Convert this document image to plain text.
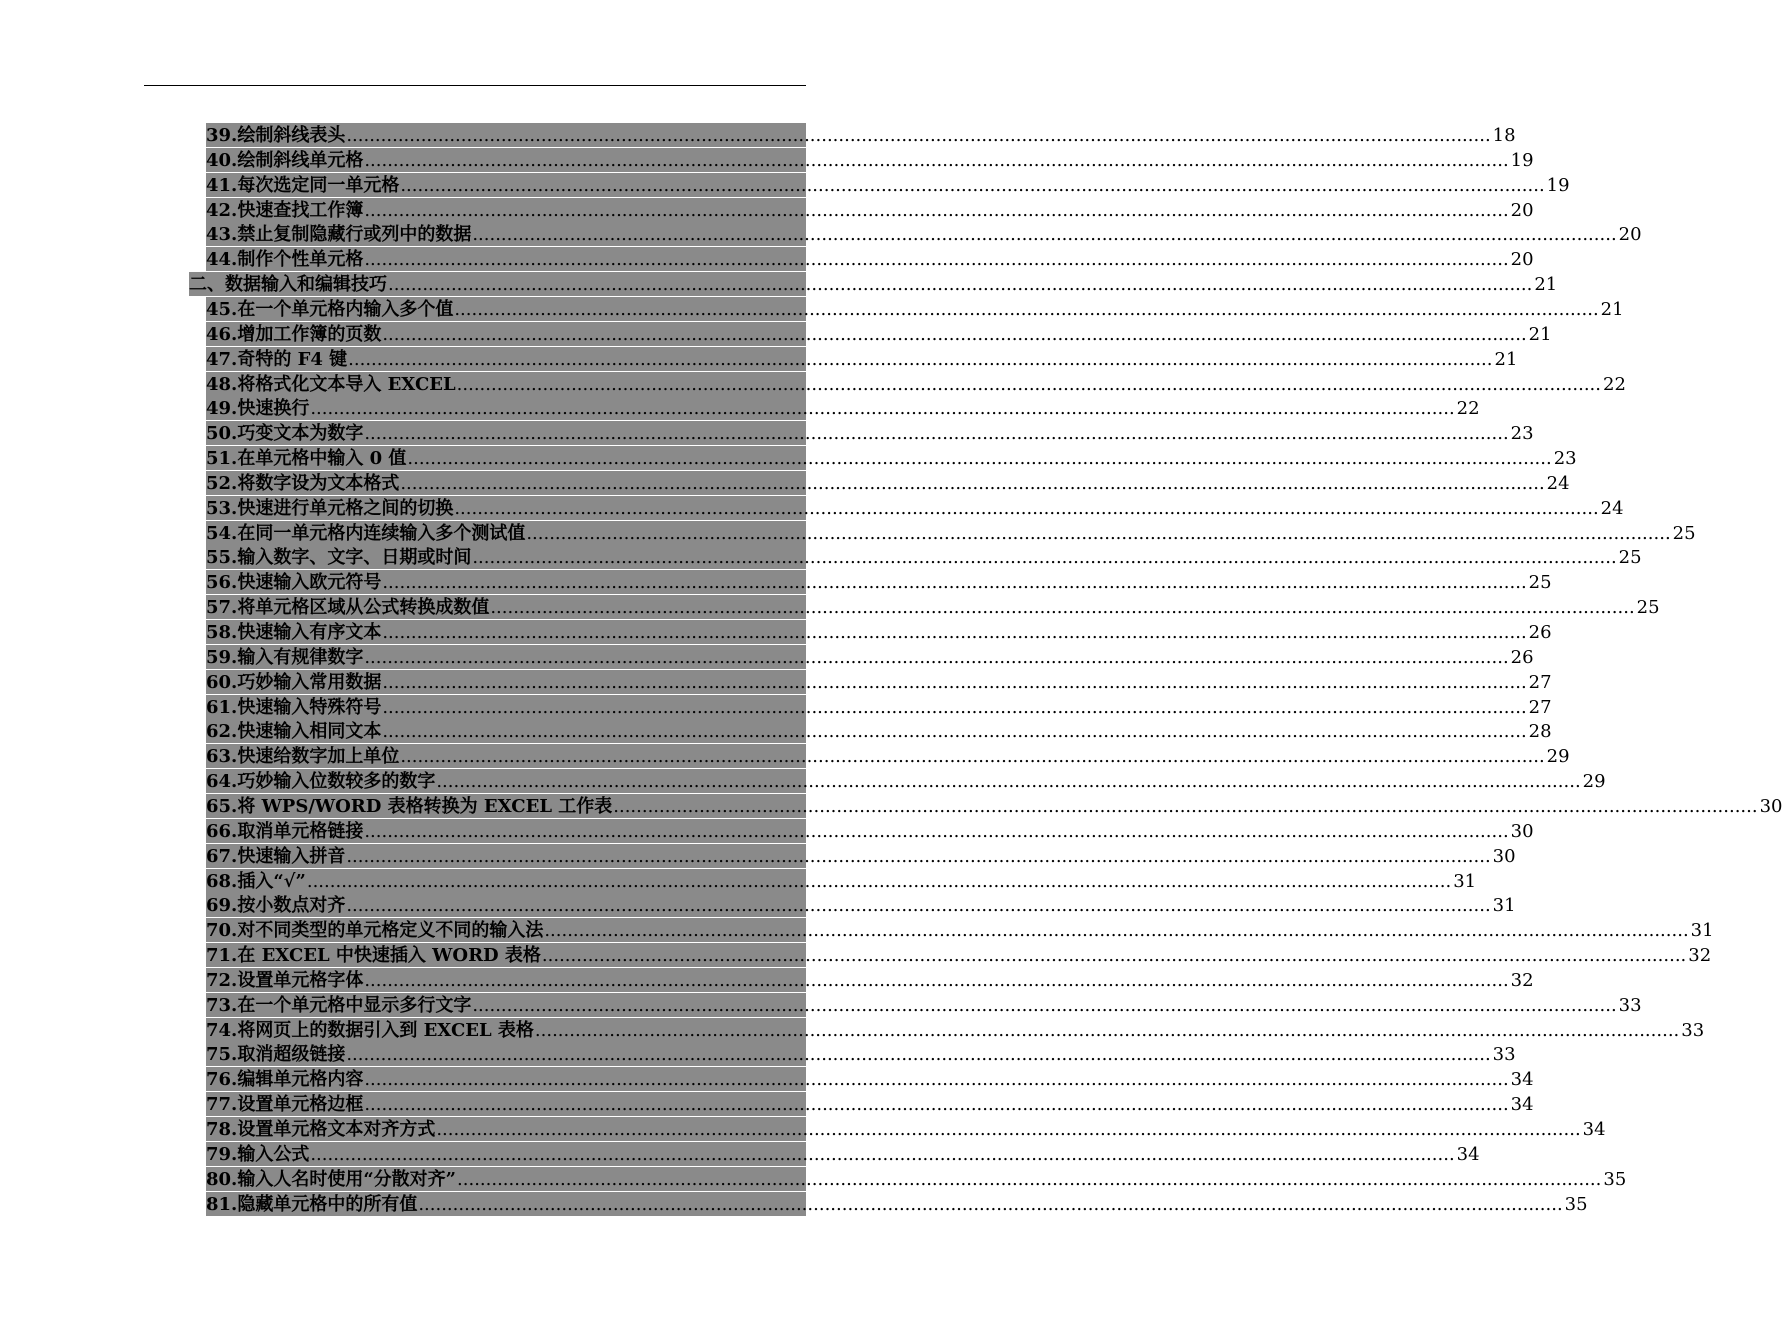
39.绘制斜线表头 ........................................................................................................................................................................................................ 18
40.绘制斜线单元格 ........................................................................................................................................................................................................ 19
41.每次选定同一单元格 ........................................................................................................................................................................................................ 19
42.快速查找工作簿 ........................................................................................................................................................................................................ 20
43.禁止复制隐藏行或列中的数据 ........................................................................................................................................................................................................ 20
44.制作个性单元格 ........................................................................................................................................................................................................ 20
二、数据输入和编辑技巧 ........................................................................................................................................................................................................ 21
45.在一个单元格内输入多个值 ........................................................................................................................................................................................................ 21
46.增加工作簿的页数 ........................................................................................................................................................................................................ 21
47.奇特的 F4 键 ........................................................................................................................................................................................................ 21
48.将格式化文本导入 EXCEL ........................................................................................................................................................................................................ 22
49.快速换行 ........................................................................................................................................................................................................ 22
50.巧变文本为数字 ........................................................................................................................................................................................................ 23
51.在单元格中输入 0 值 ........................................................................................................................................................................................................ 23
52.将数字设为文本格式 ........................................................................................................................................................................................................ 24
53.快速进行单元格之间的切换 ........................................................................................................................................................................................................ 24
54.在同一单元格内连续输入多个测试值 ........................................................................................................................................................................................................ 25
55.输入数字、文字、日期或时间 ........................................................................................................................................................................................................ 25
56.快速输入欧元符号 ........................................................................................................................................................................................................ 25
57.将单元格区域从公式转换成数值 ........................................................................................................................................................................................................ 25
58.快速输入有序文本 ........................................................................................................................................................................................................ 26
59.输入有规律数字 ........................................................................................................................................................................................................ 26
60.巧妙输入常用数据 ........................................................................................................................................................................................................ 27
61.快速输入特殊符号 ........................................................................................................................................................................................................ 27
62.快速输入相同文本 ........................................................................................................................................................................................................ 28
63.快速给数字加上单位 ........................................................................................................................................................................................................ 29
64.巧妙输入位数较多的数字 ........................................................................................................................................................................................................ 29
65.将 WPS/WORD 表格转换为 EXCEL 工作表 ........................................................................................................................................................................................................ 30
66.取消单元格链接 ........................................................................................................................................................................................................ 30
67.快速输入拼音 ........................................................................................................................................................................................................ 30
68.插入“√” ........................................................................................................................................................................................................ 31
69.按小数点对齐 ........................................................................................................................................................................................................ 31
70.对不同类型的单元格定义不同的输入法 ........................................................................................................................................................................................................ 31
71.在 EXCEL 中快速插入 WORD 表格 ........................................................................................................................................................................................................ 32
72.设置单元格字体 ........................................................................................................................................................................................................ 32
73.在一个单元格中显示多行文字 ........................................................................................................................................................................................................ 33
74.将网页上的数据引入到 EXCEL 表格 ........................................................................................................................................................................................................ 33
75.取消超级链接 ........................................................................................................................................................................................................ 33
76.编辑单元格内容 ........................................................................................................................................................................................................ 34
77.设置单元格边框 ........................................................................................................................................................................................................ 34
78.设置单元格文本对齐方式 ........................................................................................................................................................................................................ 34
79.输入公式 ........................................................................................................................................................................................................ 34
80.输入人名时使用“分散对齐” ........................................................................................................................................................................................................ 35
81.隐藏单元格中的所有值 ........................................................................................................................................................................................................ 35
